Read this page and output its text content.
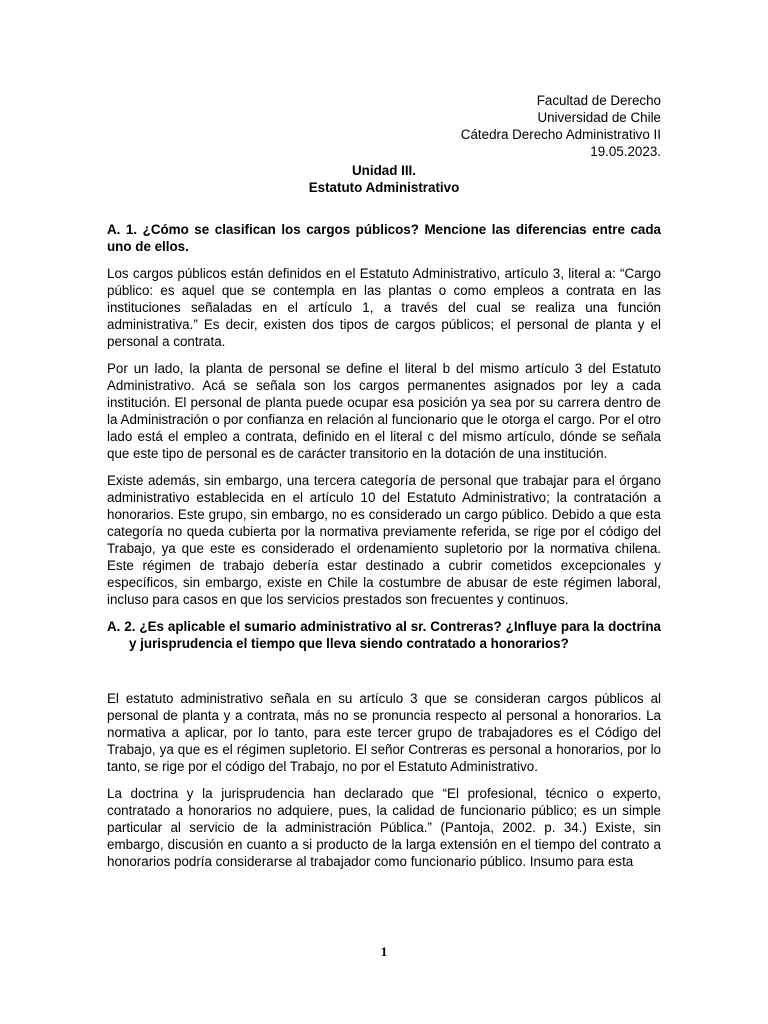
Facultad de Derecho
Universidad de Chile
Cátedra Derecho Administrativo II
19.05.2023.
Unidad III.
Estatuto Administrativo
A. 1. ¿Cómo se clasifican los cargos públicos? Mencione las diferencias entre cada uno de ellos.

Los cargos públicos están definidos en el Estatuto Administrativo, artículo 3, literal a: “Cargo público: es aquel que se contempla en las plantas o como empleos a contrata en las instituciones señaladas en el artículo 1, a través del cual se realiza una función administrativa.” Es decir, existen dos tipos de cargos públicos; el personal de planta y el personal a contrata.

Por un lado, la planta de personal se define el literal b del mismo artículo 3 del Estatuto Administrativo. Acá se señala son los cargos permanentes asignados por ley a cada institución. El personal de planta puede ocupar esa posición ya sea por su carrera dentro de la Administración o por confianza en relación al funcionario que le otorga el cargo. Por el otro lado está el empleo a contrata, definido en el literal c del mismo artículo, dónde se señala que este tipo de personal es de carácter transitorio en la dotación de una institución.

Existe además, sin embargo, una tercera categoría de personal que trabajar para el órgano administrativo establecida en el artículo 10 del Estatuto Administrativo; la contratación a honorarios. Este grupo, sin embargo, no es considerado un cargo público. Debido a que esta categoría no queda cubierta por la normativa previamente referida, se rige por el código del Trabajo, ya que este es considerado el ordenamiento supletorio por la normativa chilena. Este régimen de trabajo debería estar destinado a cubrir cometidos excepcionales y específicos, sin embargo, existe en Chile la costumbre de abusar de este régimen laboral, incluso para casos en que los servicios prestados son frecuentes y continuos.

A. 2. ¿Es aplicable el sumario administrativo al sr. Contreras? ¿Influye para la doctrina y jurisprudencia el tiempo que lleva siendo contratado a honorarios?

El estatuto administrativo señala en su artículo 3 que se consideran cargos públicos al personal de planta y a contrata, más no se pronuncia respecto al personal a honorarios. La normativa a aplicar, por lo tanto, para este tercer grupo de trabajadores es el Código del Trabajo, ya que es el régimen supletorio. El señor Contreras es personal a honorarios, por lo tanto, se rige por el código del Trabajo, no por el Estatuto Administrativo.

La doctrina y la jurisprudencia han declarado que “El profesional, técnico o experto, contratado a honorarios no adquiere, pues, la calidad de funcionario público; es un simple particular al servicio de la administración Pública.” (Pantoja, 2002. p. 34.) Existe, sin embargo, discusión en cuanto a si producto de la larga extensión en el tiempo del contrato a honorarios podría considerarse al trabajador como funcionario público. Insumo para esta

1
